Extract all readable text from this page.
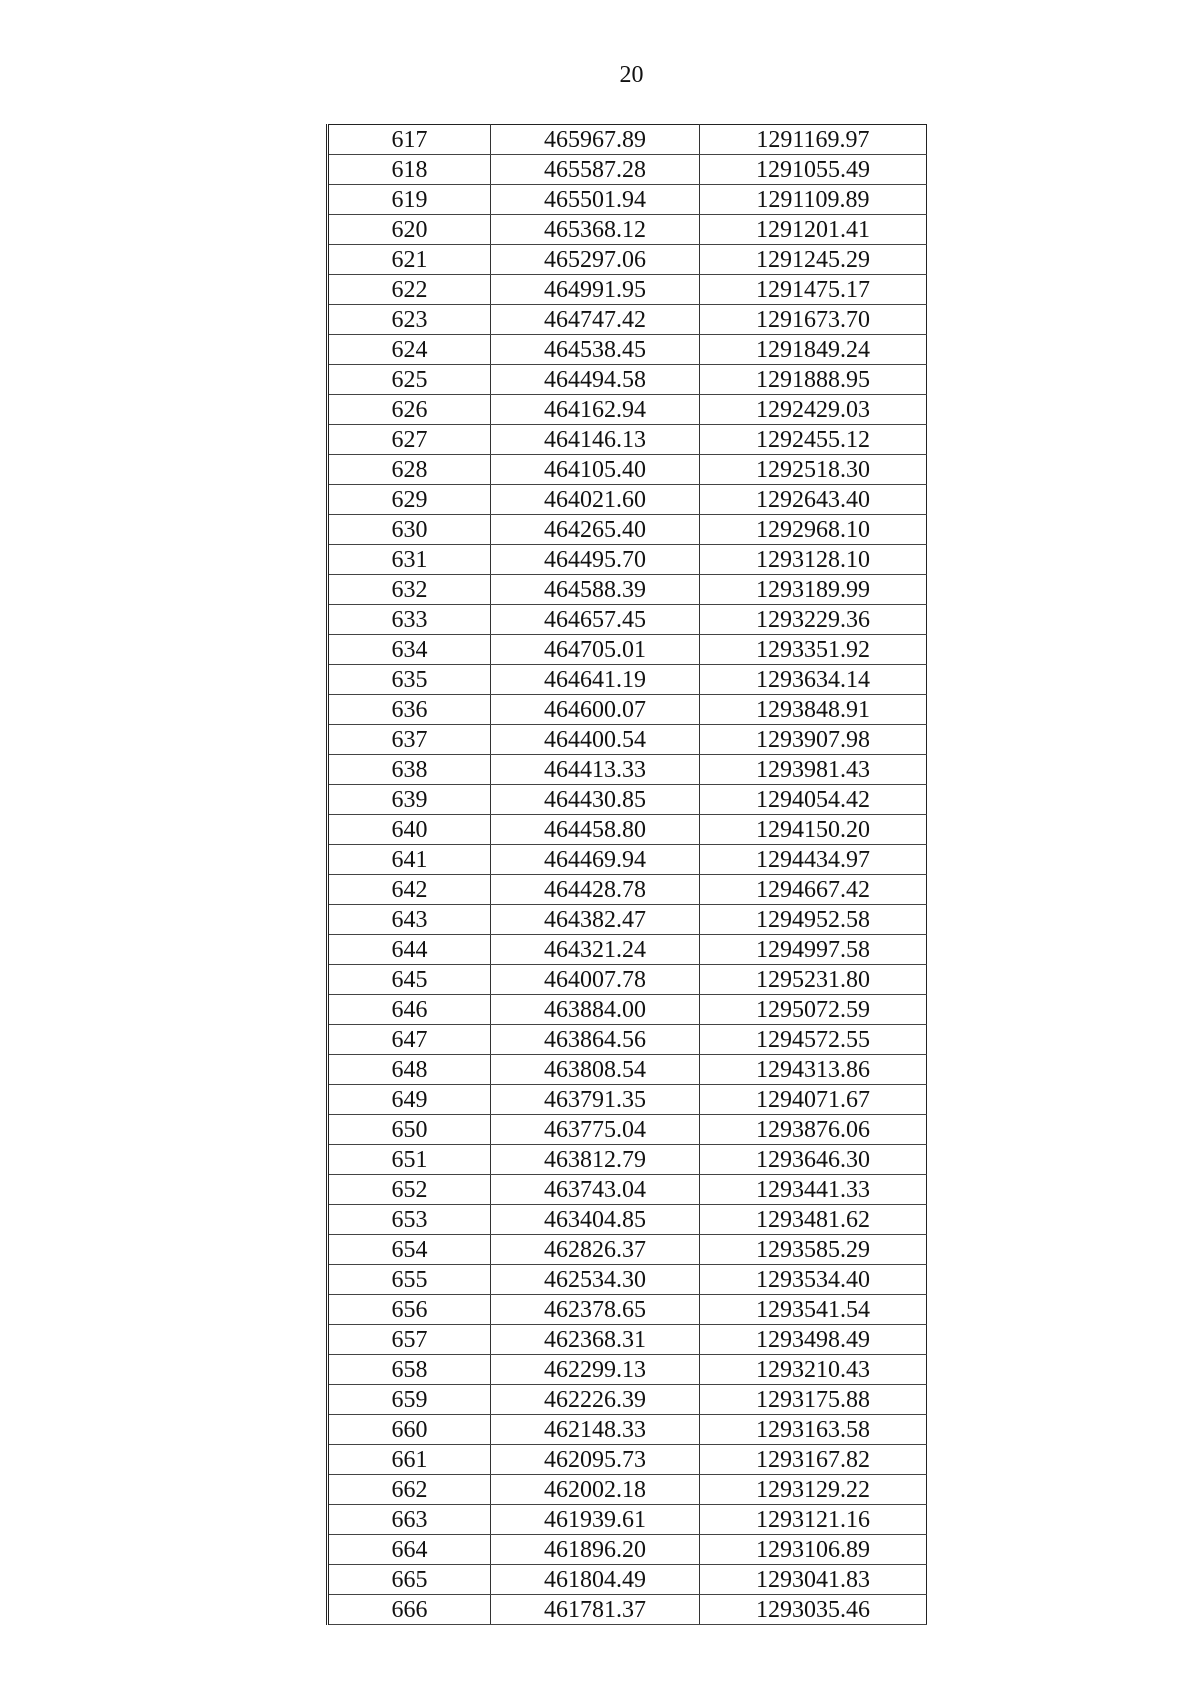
20
617	465967.89	1291169.97
618	465587.28	1291055.49
619	465501.94	1291109.89
620	465368.12	1291201.41
621	465297.06	1291245.29
622	464991.95	1291475.17
623	464747.42	1291673.70
624	464538.45	1291849.24
625	464494.58	1291888.95
626	464162.94	1292429.03
627	464146.13	1292455.12
628	464105.40	1292518.30
629	464021.60	1292643.40
630	464265.40	1292968.10
631	464495.70	1293128.10
632	464588.39	1293189.99
633	464657.45	1293229.36
634	464705.01	1293351.92
635	464641.19	1293634.14
636	464600.07	1293848.91
637	464400.54	1293907.98
638	464413.33	1293981.43
639	464430.85	1294054.42
640	464458.80	1294150.20
641	464469.94	1294434.97
642	464428.78	1294667.42
643	464382.47	1294952.58
644	464321.24	1294997.58
645	464007.78	1295231.80
646	463884.00	1295072.59
647	463864.56	1294572.55
648	463808.54	1294313.86
649	463791.35	1294071.67
650	463775.04	1293876.06
651	463812.79	1293646.30
652	463743.04	1293441.33
653	463404.85	1293481.62
654	462826.37	1293585.29
655	462534.30	1293534.40
656	462378.65	1293541.54
657	462368.31	1293498.49
658	462299.13	1293210.43
659	462226.39	1293175.88
660	462148.33	1293163.58
661	462095.73	1293167.82
662	462002.18	1293129.22
663	461939.61	1293121.16
664	461896.20	1293106.89
665	461804.49	1293041.83
666	461781.37	1293035.46
